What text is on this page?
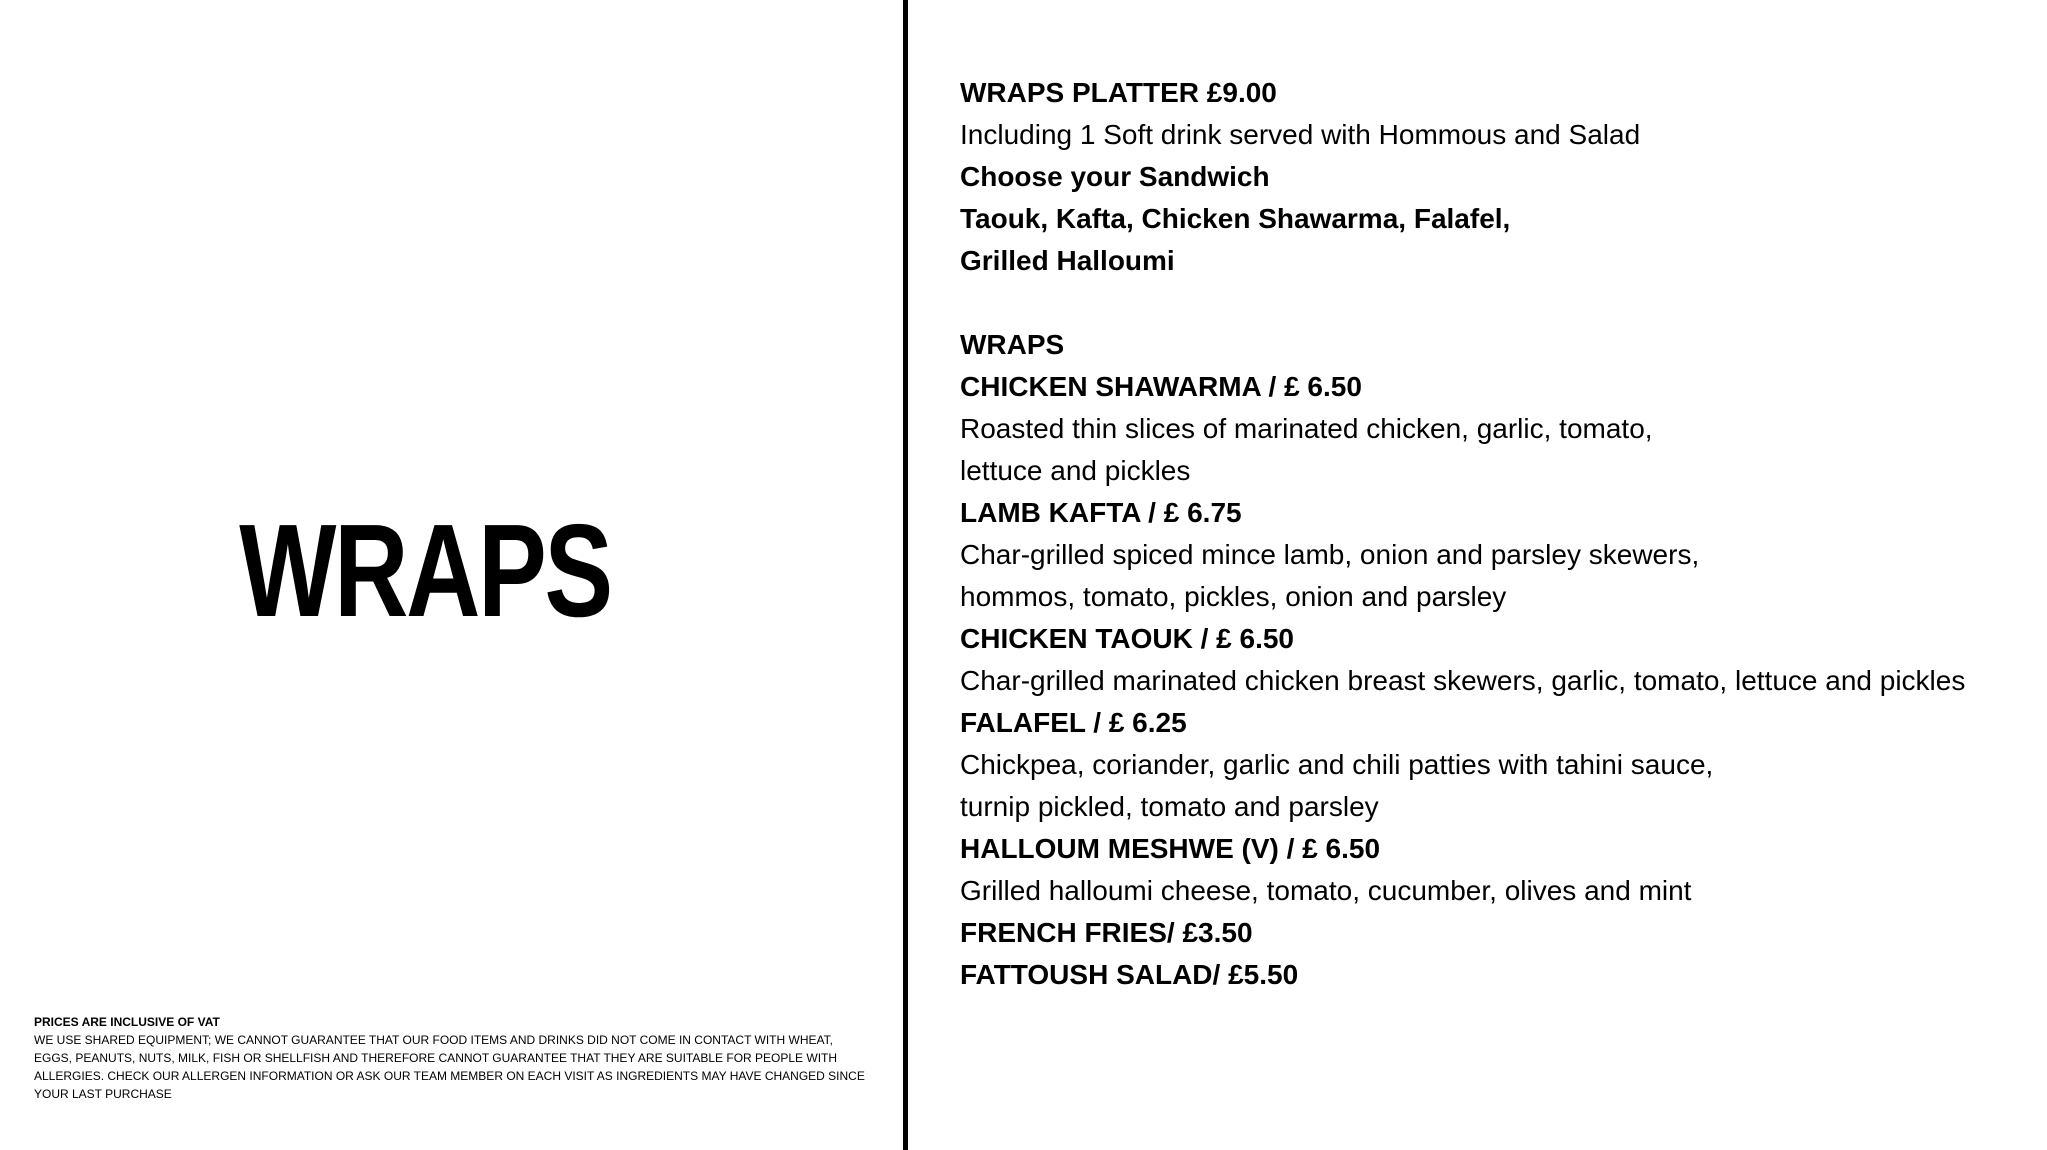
WRAPS
PRICES ARE INCLUSIVE OF VAT
WE USE SHARED EQUIPMENT; WE CANNOT GUARANTEE THAT OUR FOOD ITEMS AND DRINKS DID NOT COME IN CONTACT WITH WHEAT,
EGGS, PEANUTS, NUTS, MILK, FISH OR SHELLFISH AND THEREFORE CANNOT GUARANTEE THAT THEY ARE SUITABLE FOR PEOPLE WITH
ALLERGIES. CHECK OUR ALLERGEN INFORMATION OR ASK OUR TEAM MEMBER ON EACH VISIT AS INGREDIENTS MAY HAVE CHANGED SINCE
YOUR LAST PURCHASE
WRAPS PLATTER £9.00
Including 1 Soft drink served with Hommous and Salad
Choose your Sandwich
Taouk, Kafta, Chicken Shawarma, Falafel,
Grilled Halloumi
WRAPS
CHICKEN SHAWARMA / £ 6.50
Roasted thin slices of marinated chicken, garlic, tomato,
lettuce and pickles
LAMB KAFTA / £ 6.75
Char-grilled spiced mince lamb, onion and parsley skewers,
hommos, tomato, pickles, onion and parsley
CHICKEN TAOUK / £ 6.50
Char-grilled marinated chicken breast skewers, garlic, tomato, lettuce and pickles
FALAFEL / £ 6.25
Chickpea, coriander, garlic and chili patties with tahini sauce,
turnip pickled, tomato and parsley
HALLOUM MESHWE (V) / £ 6.50
Grilled halloumi cheese, tomato, cucumber, olives and mint
FRENCH FRIES/ £3.50
FATTOUSH SALAD/ £5.50
